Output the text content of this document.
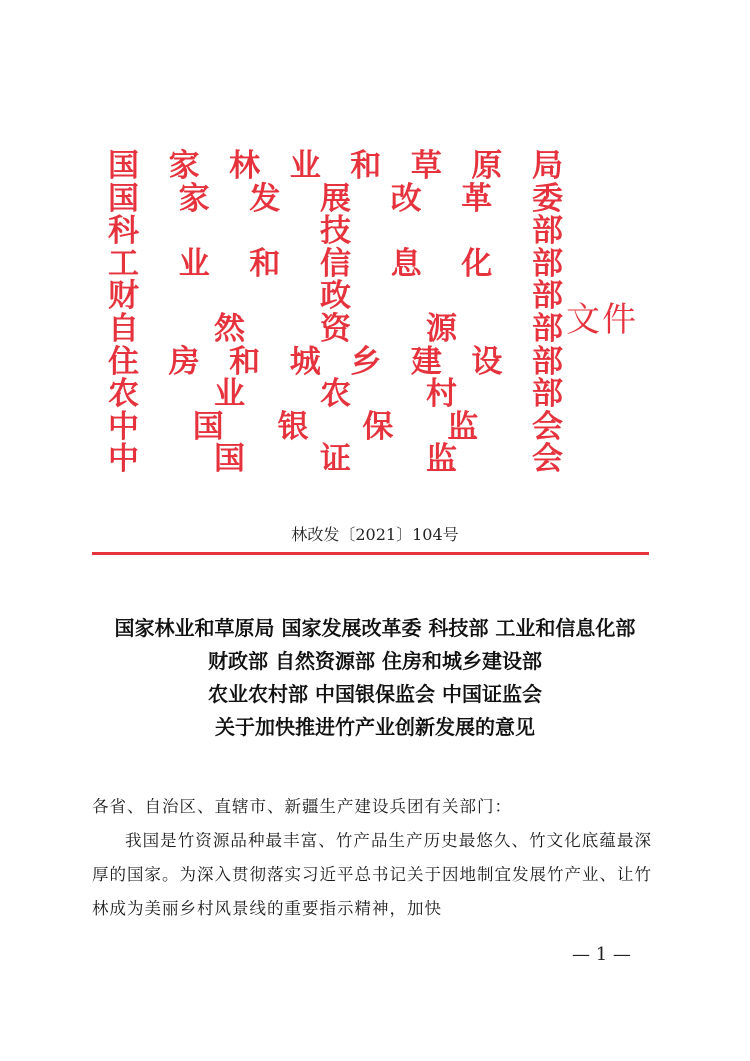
国 家 林 业 和 草 原 局
国 家 发 展 改 革 委
科	技	部
工 业 和 信 息 化 部
财	政	部
自 然 资 源 部
住 房 和 城 乡 建 设 部
农 业 农 村 部
中 国 银 保 监 会
中 国 证 监 会
文件
林改发〔2021〕104号
国家林业和草原局 国家发展改革委 科技部 工业和信息化部
财政部 自然资源部 住房和城乡建设部
农业农村部 中国银保监会 中国证监会
关于加快推进竹产业创新发展的意见

各省、自治区、直辖市、新疆生产建设兵团有关部门：

我国是竹资源品种最丰富、竹产品生产历史最悠久、竹文化底蕴最深厚的国家。为深入贯彻落实习近平总书记关于因地制宜发展竹产业、让竹林成为美丽乡村风景线的重要指示精神，加快

— 1 —
